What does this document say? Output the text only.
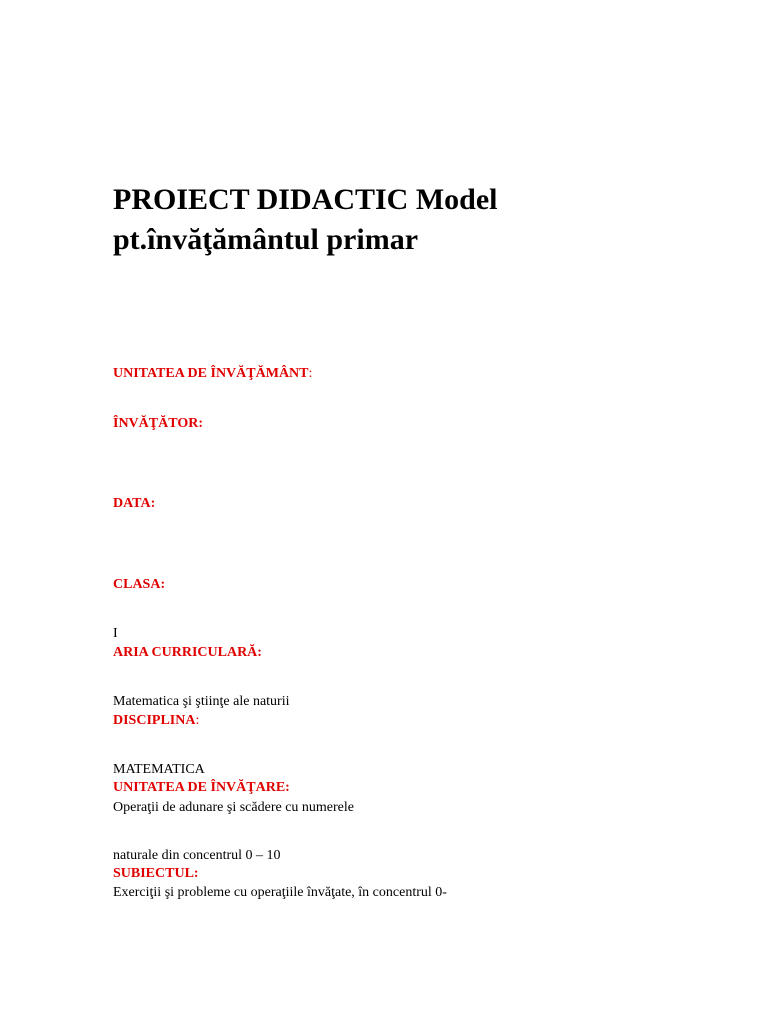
PROIECT DIDACTIC Model
pt.învăţământul primar

UNITATEA DE ÎNVĂŢĂMÂNT:

ÎNVĂŢĂTOR:

DATA:

CLASA:

I

ARIA CURRICULARĂ:

Matematica şi ştiinţe ale naturii

DISCIPLINA:

MATEMATICA

UNITATEA DE ÎNVĂŢARE:

Operaţii de adunare şi scădere cu numerele

naturale din concentrul 0 – 10

SUBIECTUL:

Exerciţii şi probleme cu operaţiile învăţate, în concentrul 0-
